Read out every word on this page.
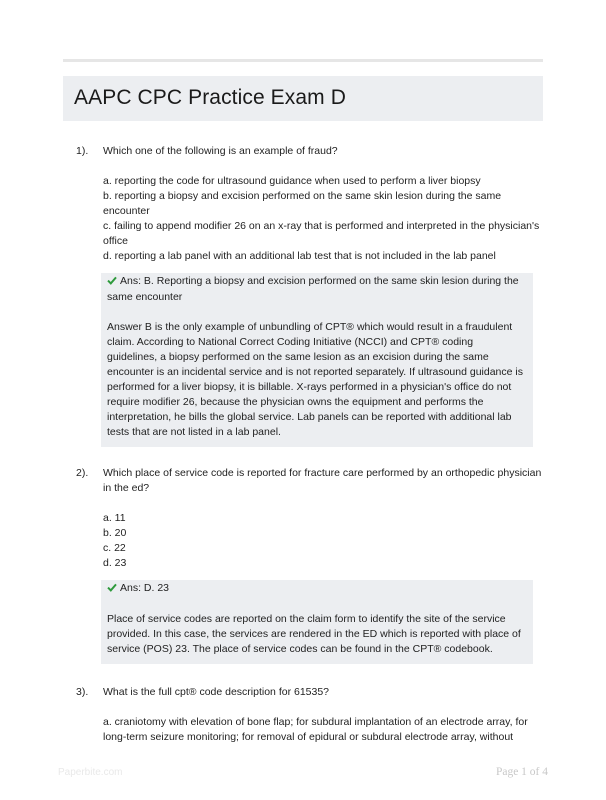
AAPC CPC Practice Exam D
1). Which one of the following is an example of fraud?
a. reporting the code for ultrasound guidance when used to perform a liver biopsy
b. reporting a biopsy and excision performed on the same skin lesion during the same encounter
c. failing to append modifier 26 on an x-ray that is performed and interpreted in the physician's office
d. reporting a lab panel with an additional lab test that is not included in the lab panel
Ans: B. Reporting a biopsy and excision performed on the same skin lesion during the same encounter
Answer B is the only example of unbundling of CPT® which would result in a fraudulent claim. According to National Correct Coding Initiative (NCCI) and CPT® coding guidelines, a biopsy performed on the same lesion as an excision during the same encounter is an incidental service and is not reported separately. If ultrasound guidance is performed for a liver biopsy, it is billable. X-rays performed in a physician's office do not require modifier 26, because the physician owns the equipment and performs the interpretation, he bills the global service. Lab panels can be reported with additional lab tests that are not listed in a lab panel.
2). Which place of service code is reported for fracture care performed by an orthopedic physician in the ed?
a. 11
b. 20
c. 22
d. 23
Ans: D. 23
Place of service codes are reported on the claim form to identify the site of the service provided. In this case, the services are rendered in the ED which is reported with place of service (POS) 23. The place of service codes can be found in the CPT® codebook.
3). What is the full cpt® code description for 61535?
a. craniotomy with elevation of bone flap; for subdural implantation of an electrode array, for long-term seizure monitoring; for removal of epidural or subdural electrode array, without
Paperbite.com	Page 1 of 4
